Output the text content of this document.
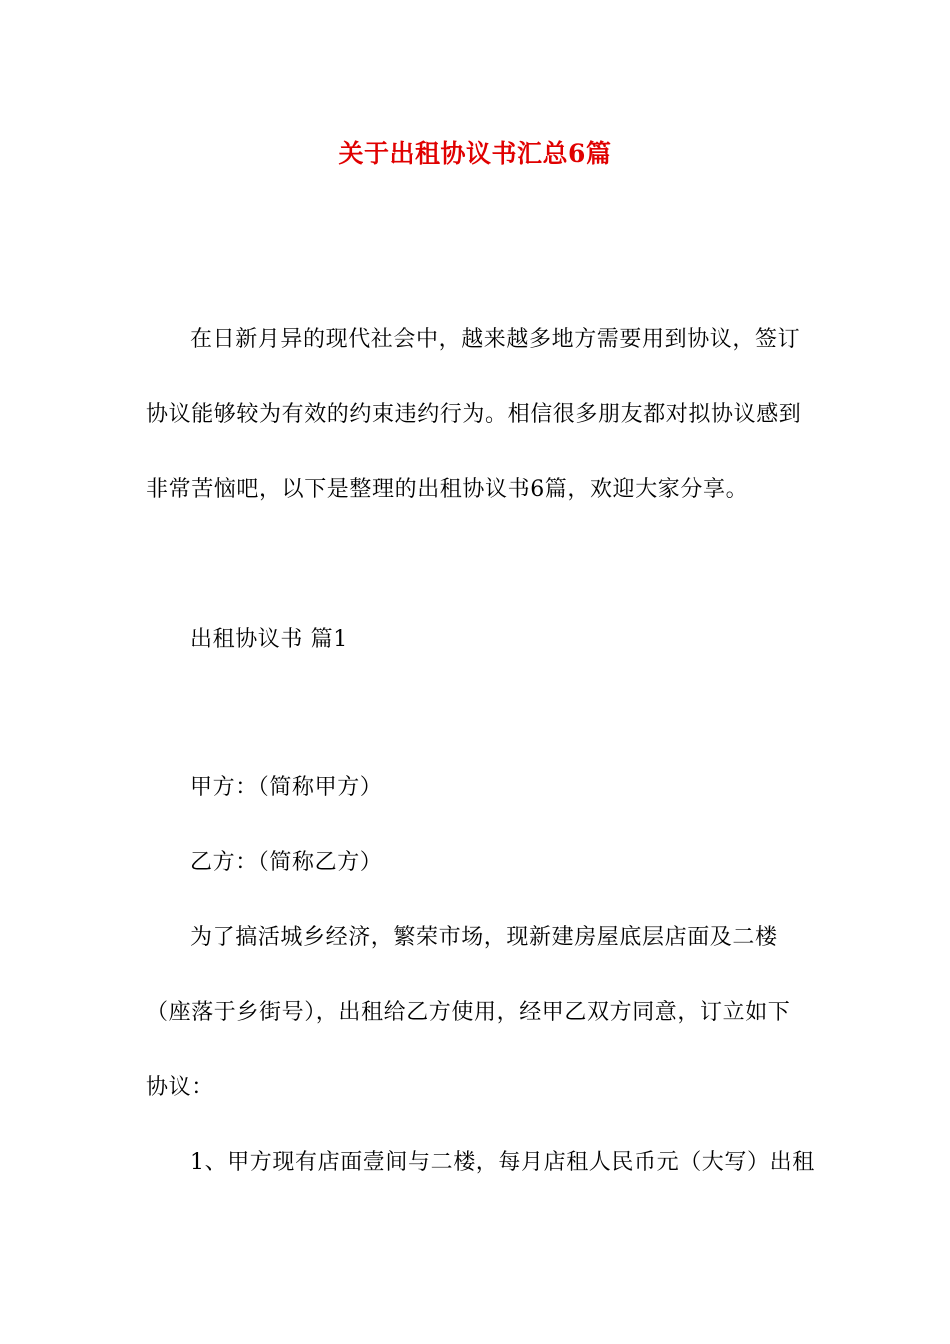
关于出租协议书汇总6篇
在日新月异的现代社会中，越来越多地方需要用到协议，签订
协议能够较为有效的约束违约行为。相信很多朋友都对拟协议感到
非常苦恼吧，以下是整理的出租协议书6篇，欢迎大家分享。
出租协议书 篇1
甲方：（简称甲方）
乙方：（简称乙方）
为了搞活城乡经济，繁荣市场，现新建房屋底层店面及二楼
（座落于乡街号），出租给乙方使用，经甲乙双方同意，订立如下
协议：
1、甲方现有店面壹间与二楼，每月店租人民币元（大写）出租
